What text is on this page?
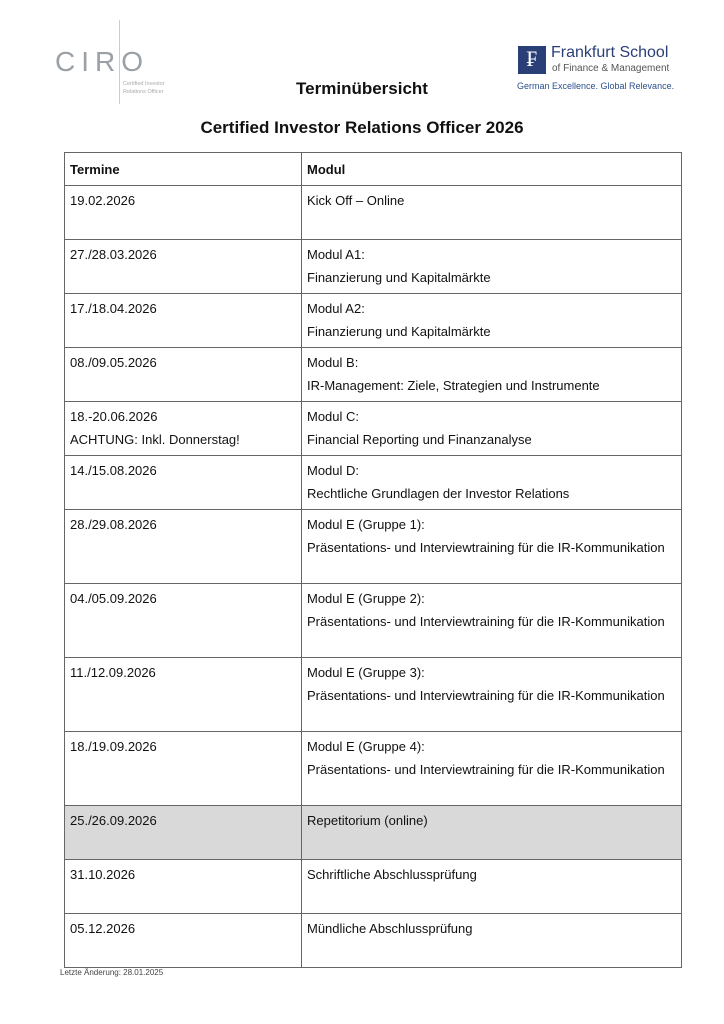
CIRO
Certified Investor Relations Officer
₣ Frankfurt School
of Finance & Management
German Excellence. Global Relevance.
Terminübersicht
Certified Investor Relations Officer 2026
Termine	Modul
19.02.2026	Kick Off – Online
27./28.03.2026	Modul A1:
Finanzierung und Kapitalmärkte

17./18.04.2026	Modul A2:
Finanzierung und Kapitalmärkte

08./09.05.2026	Modul B:
IR-Management: Ziele, Strategien und Instrumente

18.-20.06.2026
ACHTUNG: Inkl. Donnerstag!	Modul C:
Financial Reporting und Finanzanalyse

14./15.08.2026	Modul D:
Rechtliche Grundlagen der Investor Relations

28./29.08.2026	Modul E (Gruppe 1):
Präsentations- und Interviewtraining für die IR-Kommunikation

04./05.09.2026	Modul E (Gruppe 2):
Präsentations- und Interviewtraining für die IR-Kommunikation

11./12.09.2026	Modul E (Gruppe 3):
Präsentations- und Interviewtraining für die IR-Kommunikation

18./19.09.2026	Modul E (Gruppe 4):
Präsentations- und Interviewtraining für die IR-Kommunikation

25./26.09.2026	Repetitorium (online)
31.10.2026	Schriftliche Abschlussprüfung
05.12.2026	Mündliche Abschlussprüfung
Letzte Änderung: 28.01.2025
